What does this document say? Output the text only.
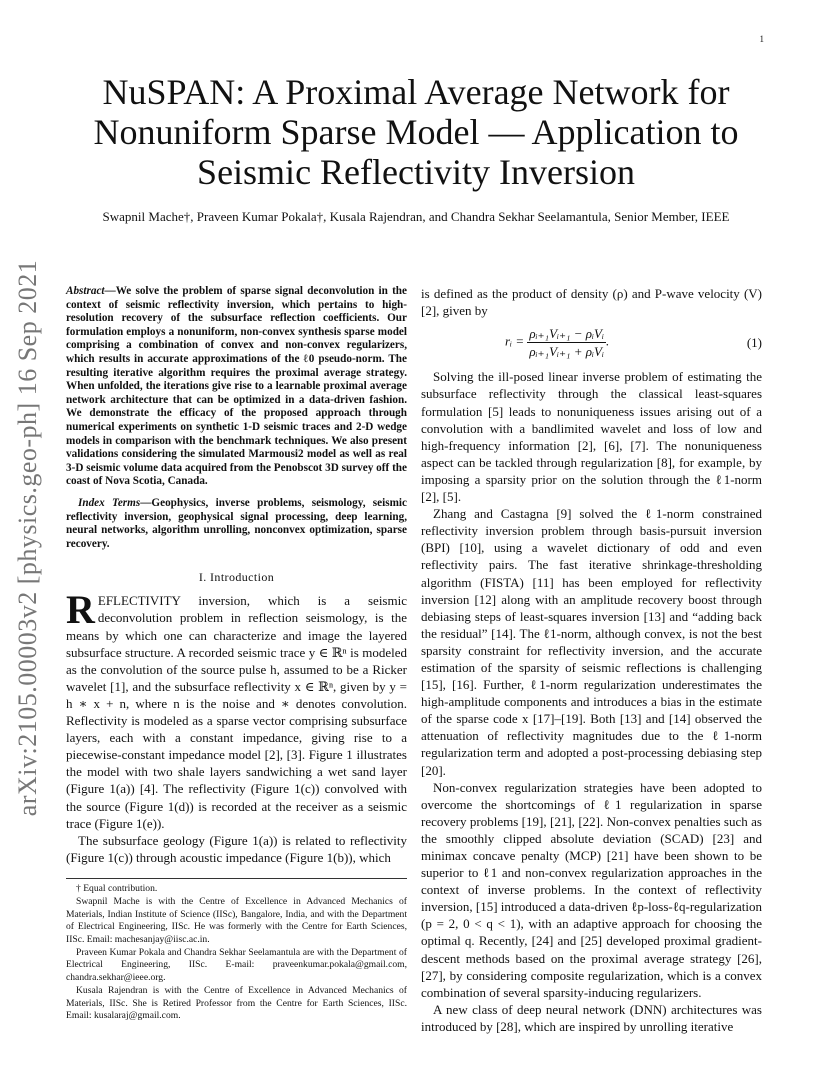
1
arXiv:2105.00003v2 [physics.geo-ph] 16 Sep 2021
NuSPAN: A Proximal Average Network for
Nonuniform Sparse Model — Application to
Seismic Reflectivity Inversion
Swapnil Mache†, Praveen Kumar Pokala†, Kusala Rajendran, and Chandra Sekhar Seelamantula, Senior Member, IEEE
Abstract—We solve the problem of sparse signal deconvolution in the context of seismic reflectivity inversion, which pertains to high-resolution recovery of the subsurface reflection coefficients. Our formulation employs a nonuniform, non-convex synthesis sparse model comprising a combination of convex and non-convex regularizers, which results in accurate approximations of the ℓ0 pseudo-norm. The resulting iterative algorithm requires the proximal average strategy. When unfolded, the iterations give rise to a learnable proximal average network architecture that can be optimized in a data-driven fashion. We demonstrate the efficacy of the proposed approach through numerical experiments on synthetic 1-D seismic traces and 2-D wedge models in comparison with the benchmark techniques. We also present validations considering the simulated Marmousi2 model as well as real 3-D seismic volume data acquired from the Penobscot 3D survey off the coast of Nova Scotia, Canada.
Index Terms—Geophysics, inverse problems, seismology, seismic reflectivity inversion, geophysical signal processing, deep learning, neural networks, algorithm unrolling, nonconvex optimization, sparse recovery.
I. Introduction

REFLECTIVITY inversion, which is a seismic deconvolution problem in reflection seismology, is the means by which one can characterize and image the layered subsurface structure. A recorded seismic trace y ∈ ℝⁿ is modeled as the convolution of the source pulse h, assumed to be a Ricker wavelet [1], and the subsurface reflectivity x ∈ ℝⁿ, given by y = h ∗ x + n, where n is the noise and ∗ denotes convolution. Reflectivity is modeled as a sparse vector comprising subsurface layers, each with a constant impedance, giving rise to a piecewise-constant impedance model [2], [3]. Figure 1 illustrates the model with two shale layers sandwiching a wet sand layer (Figure 1(a)) [4]. The reflectivity (Figure 1(c)) convolved with the source (Figure 1(d)) is recorded at the receiver as a seismic trace (Figure 1(e)).

The subsurface geology (Figure 1(a)) is related to reflectivity (Figure 1(c)) through acoustic impedance (Figure 1(b)), which

† Equal contribution.

Swapnil Mache is with the Centre of Excellence in Advanced Mechanics of Materials, Indian Institute of Science (IISc), Bangalore, India, and with the Department of Electrical Engineering, IISc. He was formerly with the Centre for Earth Sciences, IISc. Email: machesanjay@iisc.ac.in.

Praveen Kumar Pokala and Chandra Sekhar Seelamantula are with the Department of Electrical Engineering, IISc. E-mail: praveenkumar.pokala@gmail.com, chandra.sekhar@ieee.org.

Kusala Rajendran is with the Centre of Excellence in Advanced Mechanics of Materials, IISc. She is Retired Professor from the Centre for Earth Sciences, IISc. Email: kusalaraj@gmail.com.

is defined as the product of density (ρ) and P-wave velocity (V) [2], given by

rᵢ = $\frac{\text{ρᵢ₊₁Vᵢ₊₁ − ρᵢVᵢ}}{\text{ρᵢ₊₁Vᵢ₊₁ + ρᵢVᵢ}}$ .	(1)

Solving the ill-posed linear inverse problem of estimating the subsurface reflectivity through the classical least-squares formulation [5] leads to nonuniqueness issues arising out of a convolution with a bandlimited wavelet and loss of low and high-frequency information [2], [6], [7]. The nonuniqueness aspect can be tackled through regularization [8], for example, by imposing a sparsity prior on the solution through the ℓ1-norm [2], [5].

Zhang and Castagna [9] solved the ℓ1-norm constrained reflectivity inversion problem through basis-pursuit inversion (BPI) [10], using a wavelet dictionary of odd and even reflectivity pairs. The fast iterative shrinkage-thresholding algorithm (FISTA) [11] has been employed for reflectivity inversion [12] along with an amplitude recovery boost through debiasing steps of least-squares inversion [13] and “adding back the residual” [14]. The ℓ1-norm, although convex, is not the best sparsity constraint for reflectivity inversion, and the accurate estimation of the sparsity of seismic reflections is challenging [15], [16]. Further, ℓ1-norm regularization underestimates the high-amplitude components and introduces a bias in the estimate of the sparse code x [17]–[19]. Both [13] and [14] observed the attenuation of reflectivity magnitudes due to the ℓ1-norm regularization term and adopted a post-processing debiasing step [20].

Non-convex regularization strategies have been adopted to overcome the shortcomings of ℓ1 regularization in sparse recovery problems [19], [21], [22]. Non-convex penalties such as the smoothly clipped absolute deviation (SCAD) [23] and minimax concave penalty (MCP) [21] have been shown to be superior to ℓ1 and non-convex regularization approaches in the context of inverse problems. In the context of reflectivity inversion, [15] introduced a data-driven ℓp-loss-ℓq-regularization (p = 2, 0 < q < 1), with an adaptive approach for choosing the optimal q. Recently, [24] and [25] developed proximal gradient-descent methods based on the proximal average strategy [26], [27], by considering composite regularization, which is a convex combination of several sparsity-inducing regularizers.

A new class of deep neural network (DNN) architectures was introduced by [28], which are inspired by unrolling iterative
